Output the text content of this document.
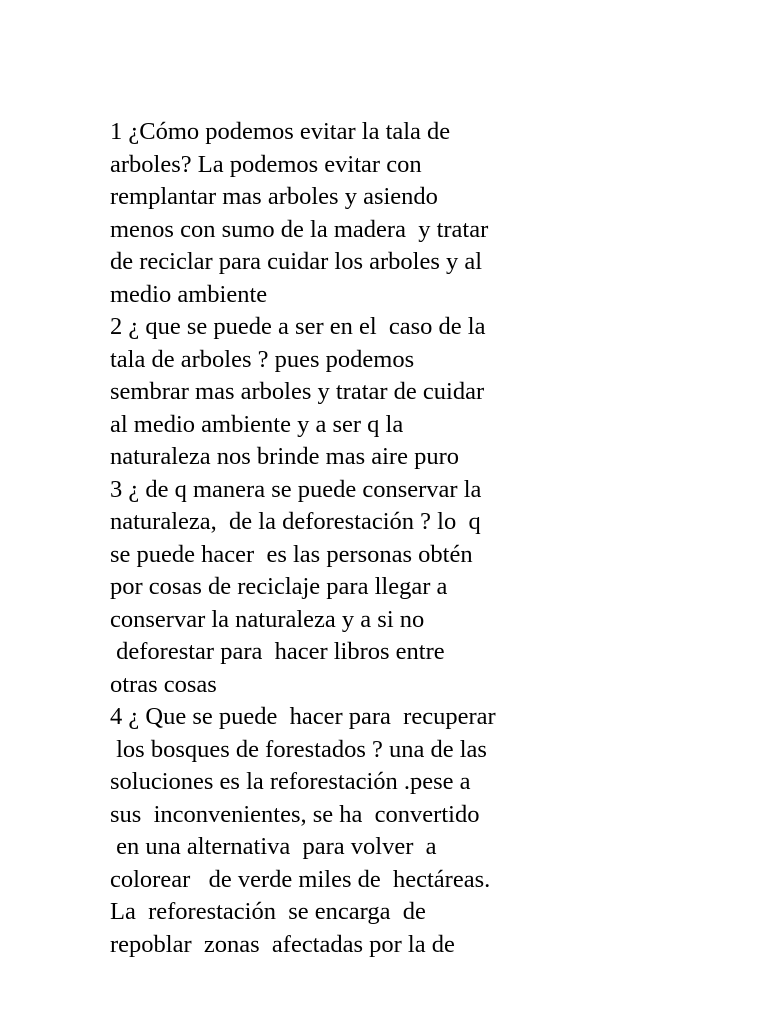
1 ¿Cómo podemos evitar la tala de
arboles? La podemos evitar con
remplantar mas arboles y asiendo
menos con sumo de la madera  y tratar
de reciclar para cuidar los arboles y al
medio ambiente
2 ¿ que se puede a ser en el  caso de la
tala de arboles ? pues podemos
sembrar mas arboles y tratar de cuidar
al medio ambiente y a ser q la
naturaleza nos brinde mas aire puro
3 ¿ de q manera se puede conservar la
naturaleza,  de la deforestación ? lo  q
se puede hacer  es las personas obtén
por cosas de reciclaje para llegar a
conservar la naturaleza y a si no
deforestar para  hacer libros entre
otras cosas
4 ¿ Que se puede  hacer para  recuperar
los bosques de forestados ? una de las
soluciones es la reforestación .pese a
sus  inconvenientes, se ha  convertido
en una alternativa  para volver  a
colorear   de verde miles de  hectáreas.
La  reforestación  se encarga  de
repoblar  zonas  afectadas por la de
